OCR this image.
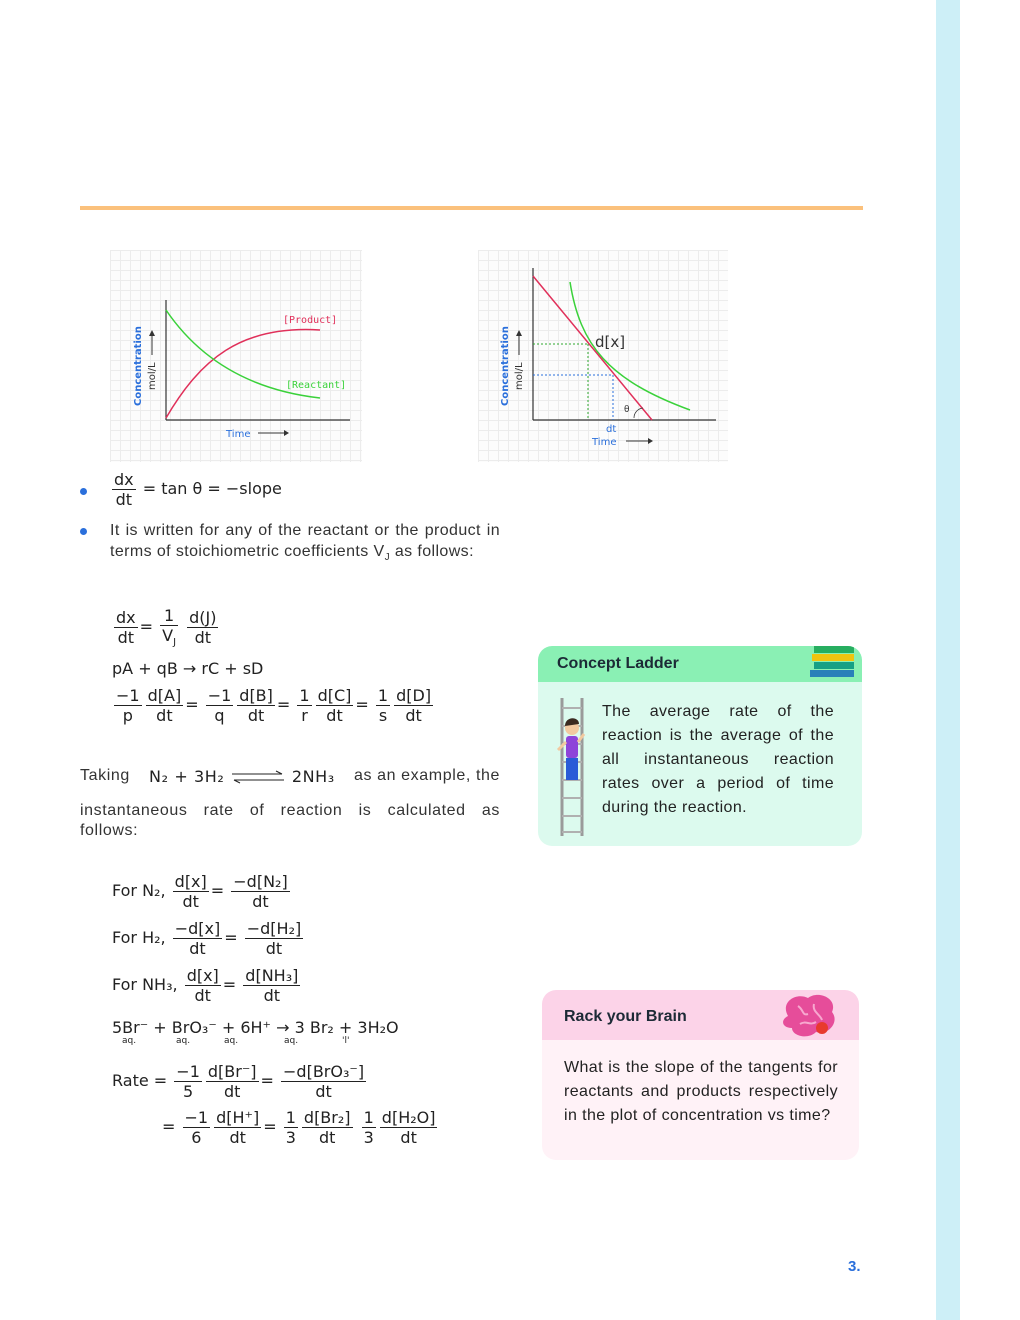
[Product]
[Reactant]
Time
Concentration mol/L
d[x]
θ
dt
Time
Concentration mol/L
$\frac{dx}{dt} = \tan \theta$ = −slope
It is written for any of the reactant or the product in terms of stoichiometric coefficients $V_J$ as follows:
$\frac{dx}{dt} = \frac{1}{V_J}$
$\frac{d(J)}{dt}$
pA + qB → rC + sD
$\frac{-1}{p} \frac{d[A]}{dt} = \frac{-1}{q} \frac{d[B]}{dt} = \frac{1}{r} \frac{d[C]}{dt} = \frac{1}{s} \frac{d[D]}{dt}$
Taking N₂ + 3H₂ ⇌ 2NH₃ as an example, the
instantaneous rate of reaction is calculated as
follows:
For N₂, $\frac{d[x]}{dt} = \frac{\text{−d[N₂]}}{dt}$
For H₂, $\frac{-d[x]}{dt} = \frac{\text{−d[H₂]}}{dt}$
For NH₃, $\frac{d[x]}{dt} = \frac{\text{d[NH₃]}}{dt}$
5Br⁻ + BrO₃⁻ + 6H⁺ → 3 Br₂ + 3H₂O
aq.	aq.	aq.	aq.	'l'
Rate = $\frac{-1}{5} \frac{d[Br^-]}{dt} = \frac{\text{−d[BrO₃⁻]}}{dt}$
= $\frac{-1}{6} \frac{d[H^+]}{dt} = \frac{1}{3} \frac{\text{d[Br₂]}}{dt}$
$\frac{1}{3} \frac{\text{d[H₂O]}}{dt}$
Concept Ladder
The average rate of the reaction is the average of the all instantaneous reaction rates over a period of time during the reaction.
Rack your Brain
What is the slope of the tangents for reactants and products respectively in the plot of concentration vs time?
3.
